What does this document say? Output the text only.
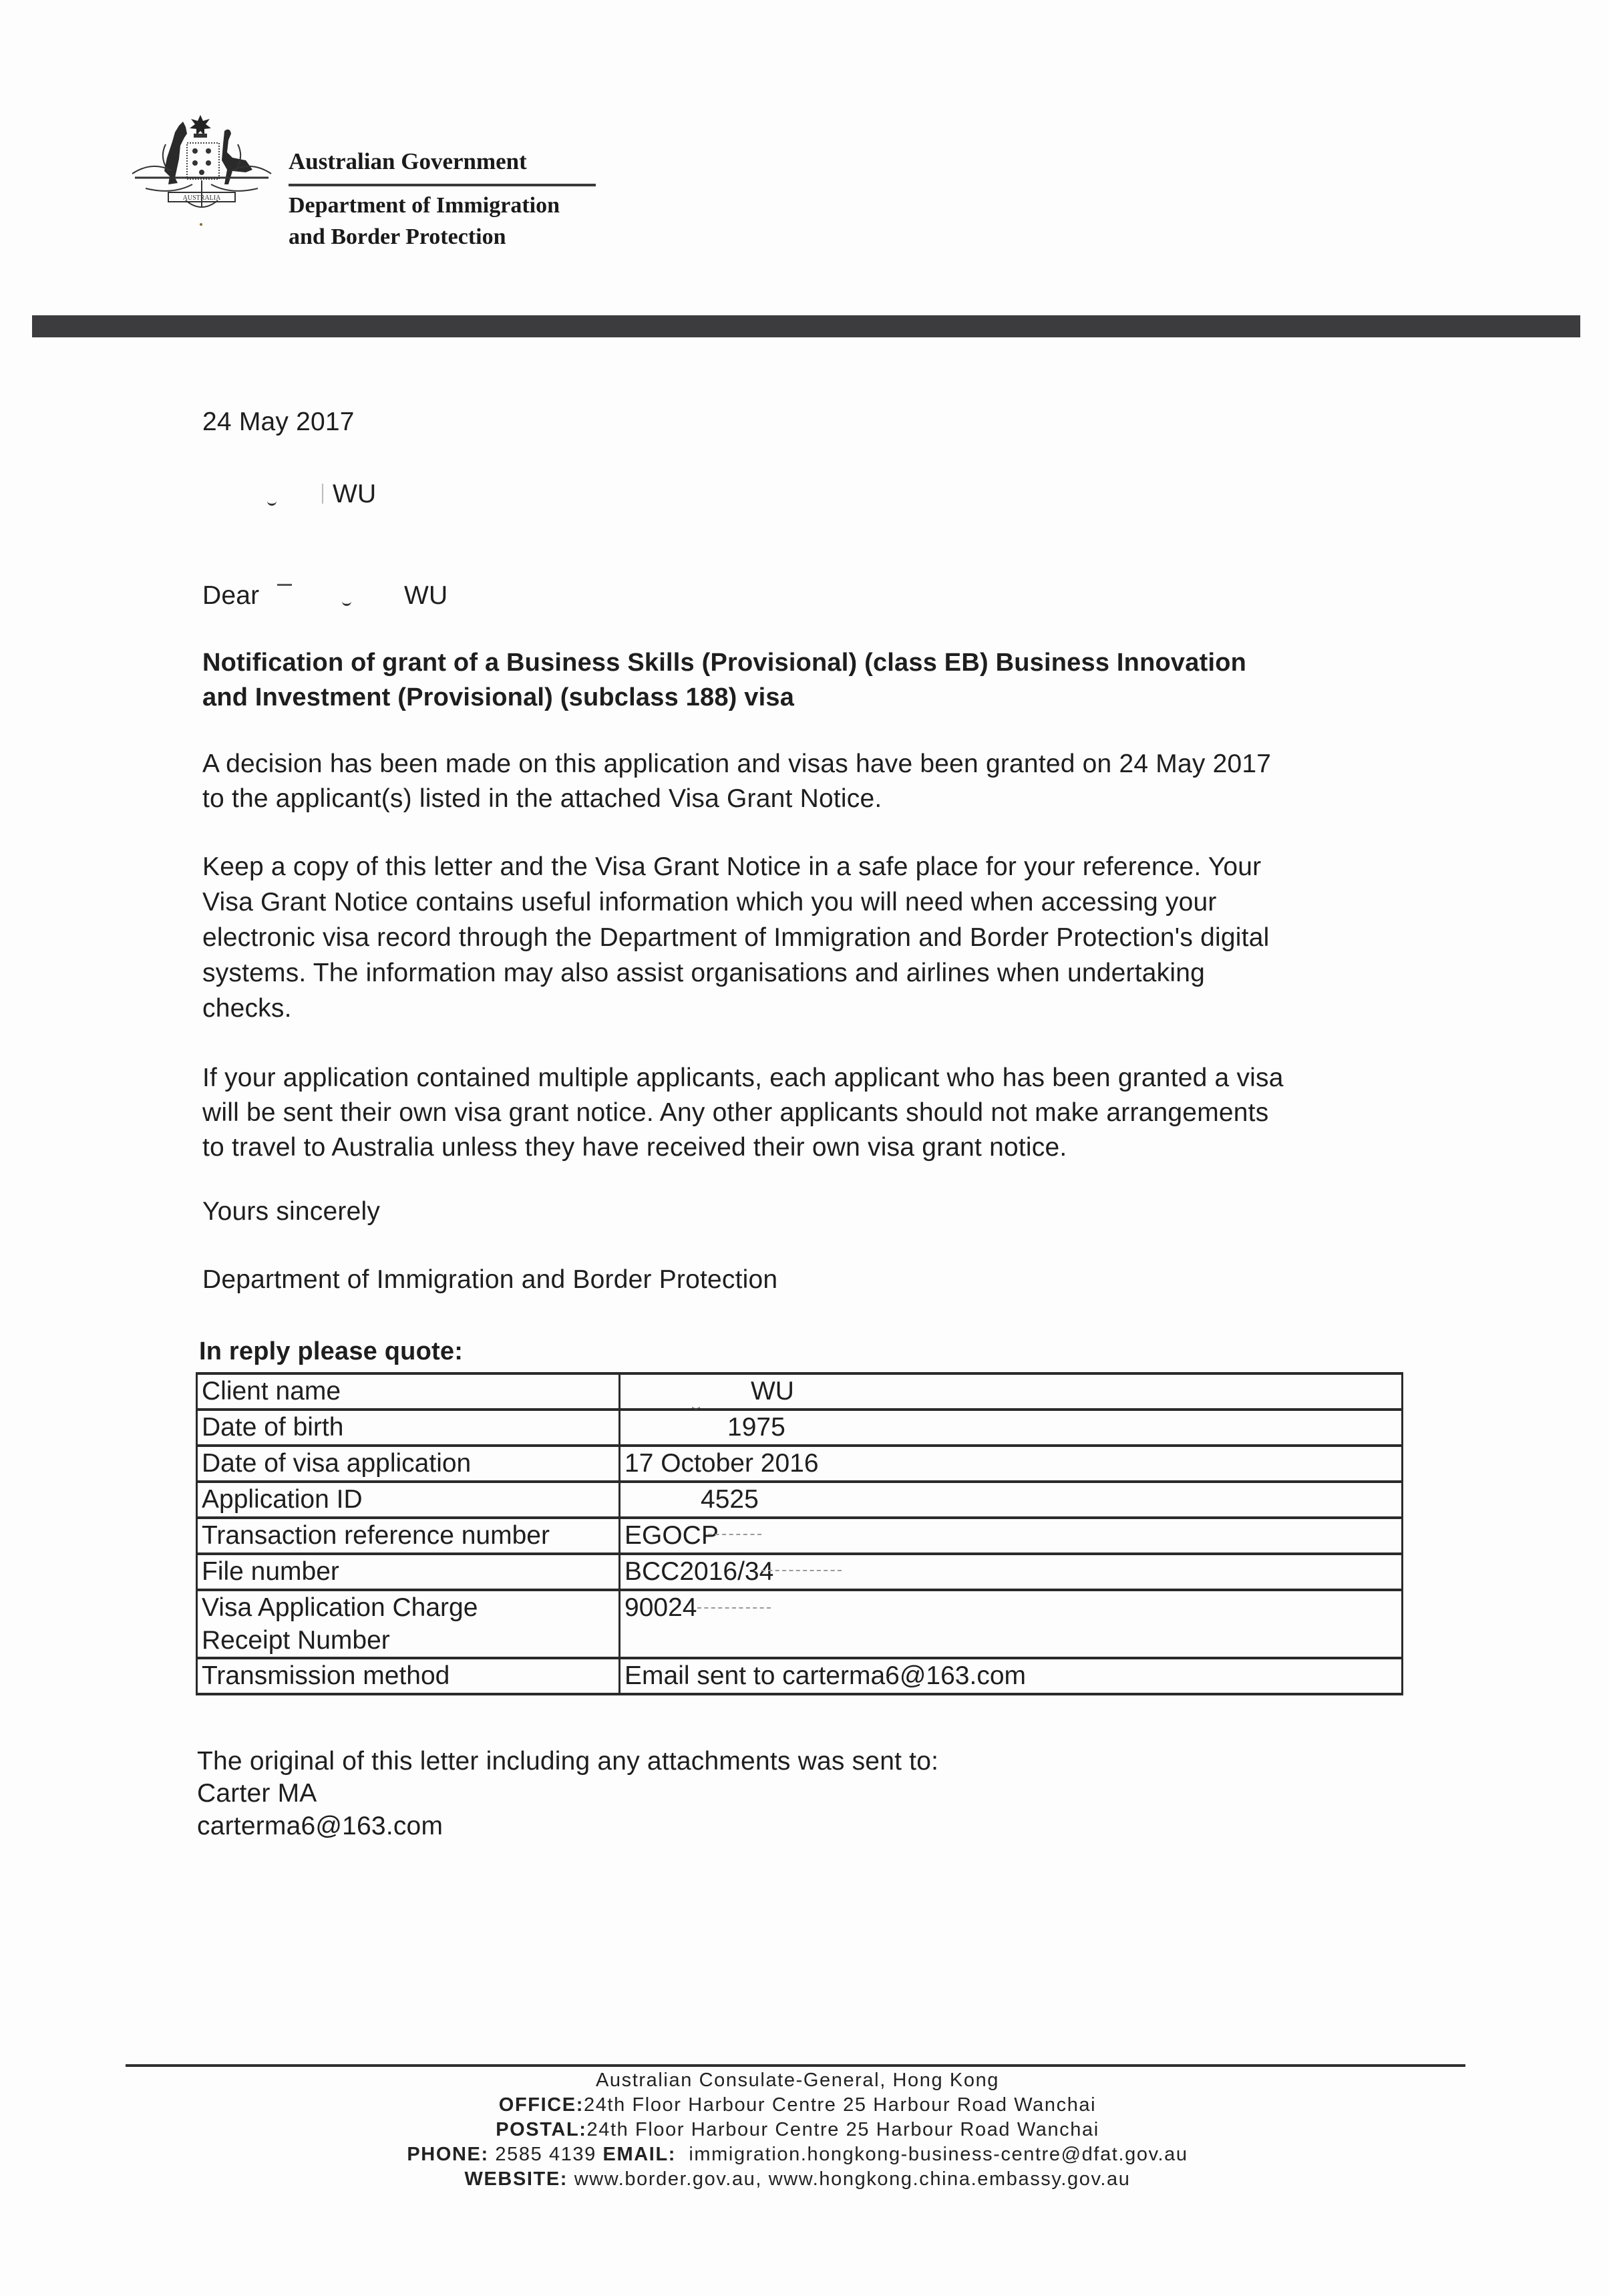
AUSTRALIA
Australian Government
Department of Immigration
and Border Protection
24 May 2017
WU
Dear	WU
Notification of grant of a Business Skills (Provisional) (class EB) Business Innovation
and Investment (Provisional) (subclass 188) visa
A decision has been made on this application and visas have been granted on 24 May 2017
to the applicant(s) listed in the attached Visa Grant Notice.
Keep a copy of this letter and the Visa Grant Notice in a safe place for your reference. Your
Visa Grant Notice contains useful information which you will need when accessing your
electronic visa record through the Department of Immigration and Border Protection's digital
systems. The information may also assist organisations and airlines when undertaking
checks.
If your application contained multiple applicants, each applicant who has been granted a visa
will be sent their own visa grant notice. Any other applicants should not make arrangements
to travel to Australia unless they have received their own visa grant notice.
Yours sincerely
Department of Immigration and Border Protection
In reply please quote:
Client name	WU
Date of birth	1975
Date of visa application	17 October 2016
Application ID	4525
Transaction reference number	EGOCP
File number	BCC2016/34

Visa Application Charge
Receipt Number	90024
Transmission method	Email sent to carterma6@163.com
The original of this letter including any attachments was sent to:
Carter MA
carterma6@163.com
Australian Consulate-General, Hong Kong
OFFICE:24th Floor Harbour Centre 25 Harbour Road Wanchai
POSTAL:24th Floor Harbour Centre 25 Harbour Road Wanchai
PHONE: 2585 4139 EMAIL:  immigration.hongkong-business-centre@dfat.gov.au
WEBSITE: www.border.gov.au, www.hongkong.china.embassy.gov.au
